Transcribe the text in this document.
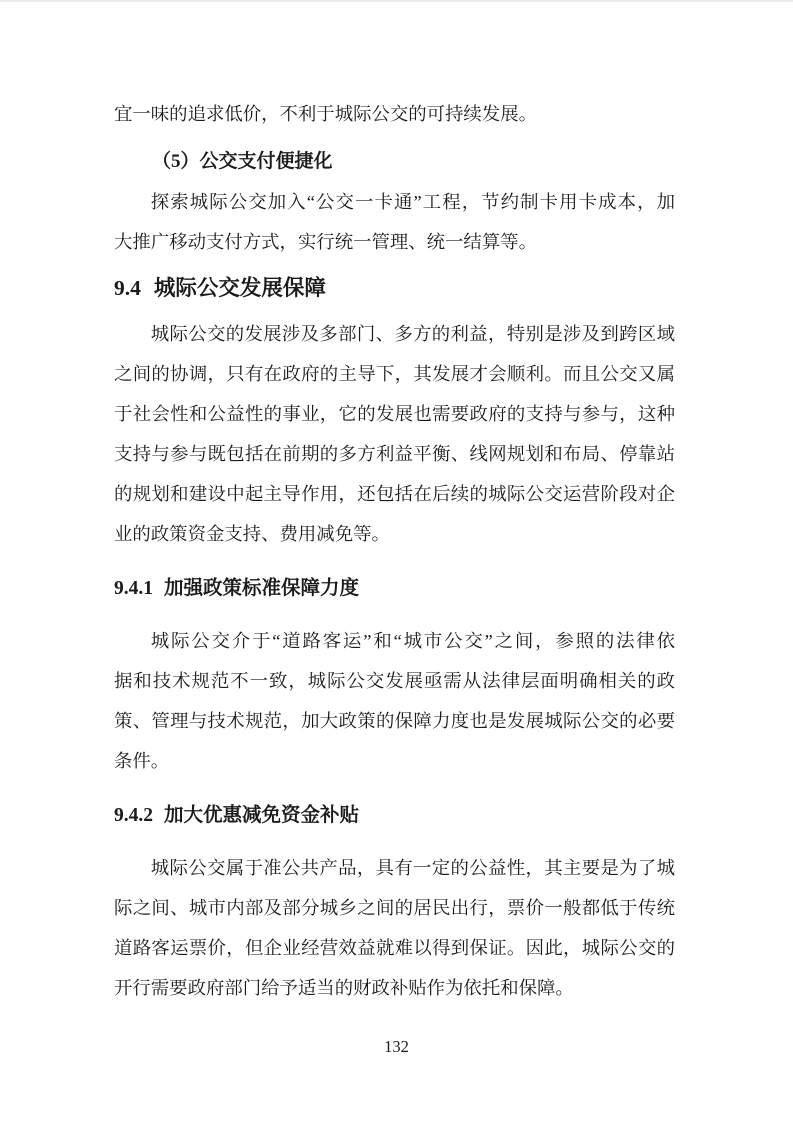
宜一味的追求低价，不利于城际公交的可持续发展。
（5）公交支付便捷化
探索城际公交加入“公交一卡通”工程，节约制卡用卡成本，加
大推广移动支付方式，实行统一管理、统一结算等。
9.4 城际公交发展保障
城际公交的发展涉及多部门、多方的利益，特别是涉及到跨区域
之间的协调，只有在政府的主导下，其发展才会顺利。而且公交又属
于社会性和公益性的事业，它的发展也需要政府的支持与参与，这种
支持与参与既包括在前期的多方利益平衡、线网规划和布局、停靠站
的规划和建设中起主导作用，还包括在后续的城际公交运营阶段对企
业的政策资金支持、费用减免等。
9.4.1 加强政策标准保障力度
城际公交介于“道路客运”和“城市公交”之间，参照的法律依
据和技术规范不一致，城际公交发展亟需从法律层面明确相关的政
策、管理与技术规范，加大政策的保障力度也是发展城际公交的必要
条件。
9.4.2 加大优惠减免资金补贴
城际公交属于准公共产品，具有一定的公益性，其主要是为了城
际之间、城市内部及部分城乡之间的居民出行，票价一般都低于传统
道路客运票价，但企业经营效益就难以得到保证。因此，城际公交的
开行需要政府部门给予适当的财政补贴作为依托和保障。
132
